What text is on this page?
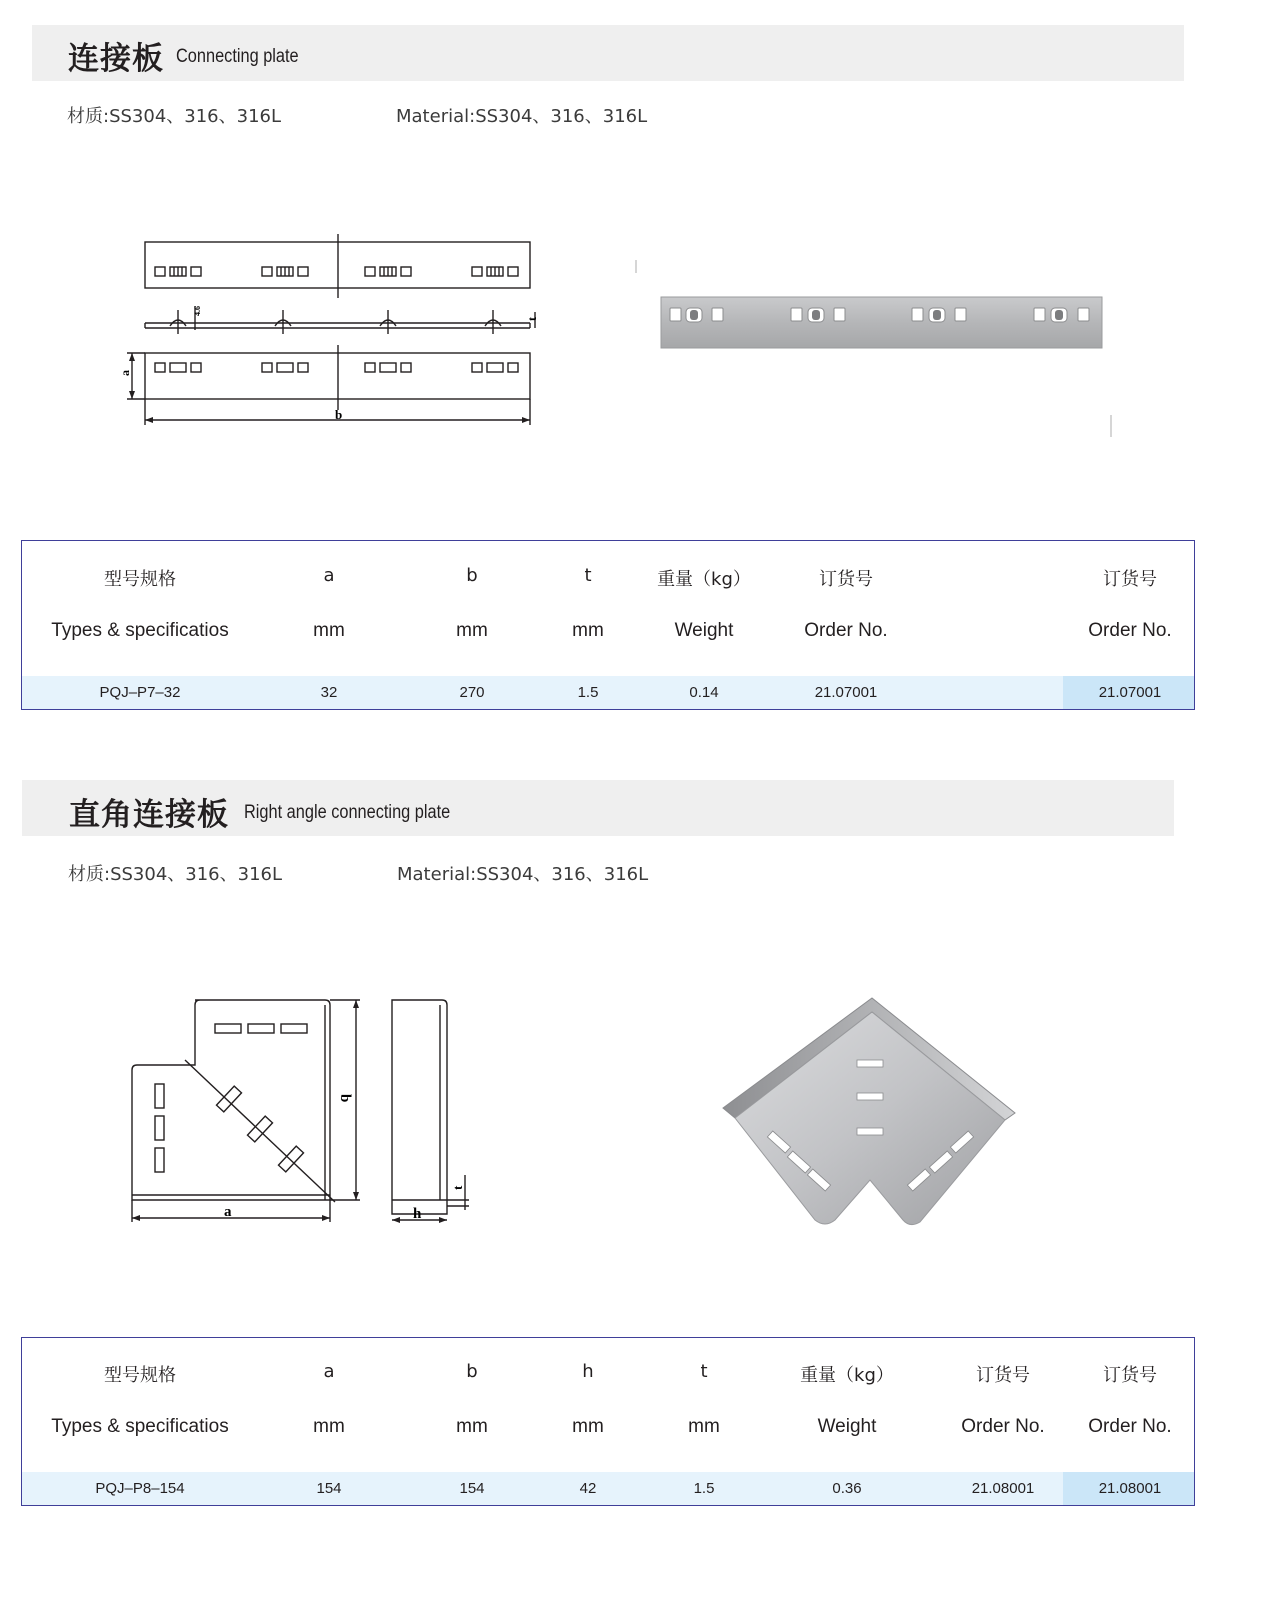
连接板 Connecting plate
材质:SS304、316、316L	Material:SS304、316、316L
a
b
t
4.6
型号规格	a	b	t	重量（kg）	订货号	订货号
Types & specificatios	mm	mm	mm	Weight	Order No.	Order No.
PQJ–P7–32	32	270	1.5	0.14	21.07001	21.07001
直角连接板 Right angle connecting plate
材质:SS304、316、316L	Material:SS304、316、316L
a
b
h
t
型号规格	a	b	h	t	重量（kg）	订货号	订货号
Types & specificatios	mm	mm	mm	mm	Weight	Order No.	Order No.
PQJ–P8–154	154	154	42	1.5	0.36	21.08001	21.08001
